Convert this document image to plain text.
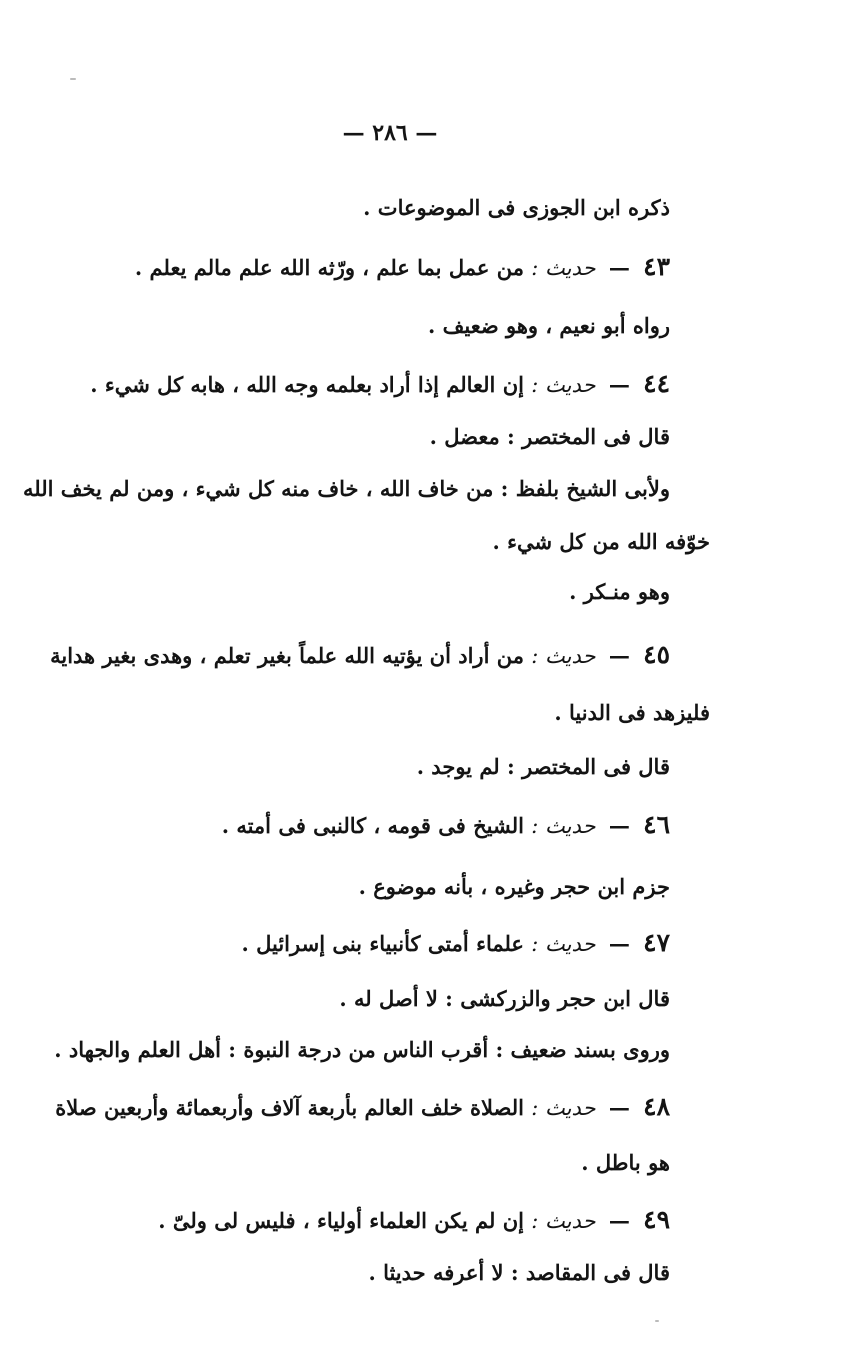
— ٢٨٦ —
ذكره ابن الجوزى فى الموضوعات .
٤٣ — حديث : من عمل بما علم ، ورّثه الله علم مالم يعلم .
رواه أبو نعيم ، وهو ضعيف .
٤٤ — حديث : إن العالم إذا أراد بعلمه وجه الله ، هابه كل شيء .
قال فى المختصر : معضل .
ولأبى الشيخ بلفظ : من خاف الله ، خاف منه كل شيء ، ومن لم يخف الله
خوّفه الله من كل شيء .
وهو منـكر .
٤٥ — حديث : من أراد أن يؤتيه الله علماً بغير تعلم ، وهدى بغير هداية
فليزهد فى الدنيا .
قال فى المختصر : لم يوجد .
٤٦ — حديث : الشيخ فى قومه ، كالنبى فى أمته .
جزم ابن حجر وغيره ، بأنه موضوع .
٤٧ — حديث : علماء أمتى كأنبياء بنى إسرائيل .
قال ابن حجر والزركشى : لا أصل له .
وروى بسند ضعيف : أقرب الناس من درجة النبوة : أهل العلم والجهاد .
٤٨ — حديث : الصلاة خلف العالم بأربعة آلاف وأربعمائة وأربعين صلاة
هو باطل .
٤٩ — حديث : إن لم يكن العلماء أولياء ، فليس لى ولىّ .
قال فى المقاصد : لا أعرفه حديثا .
